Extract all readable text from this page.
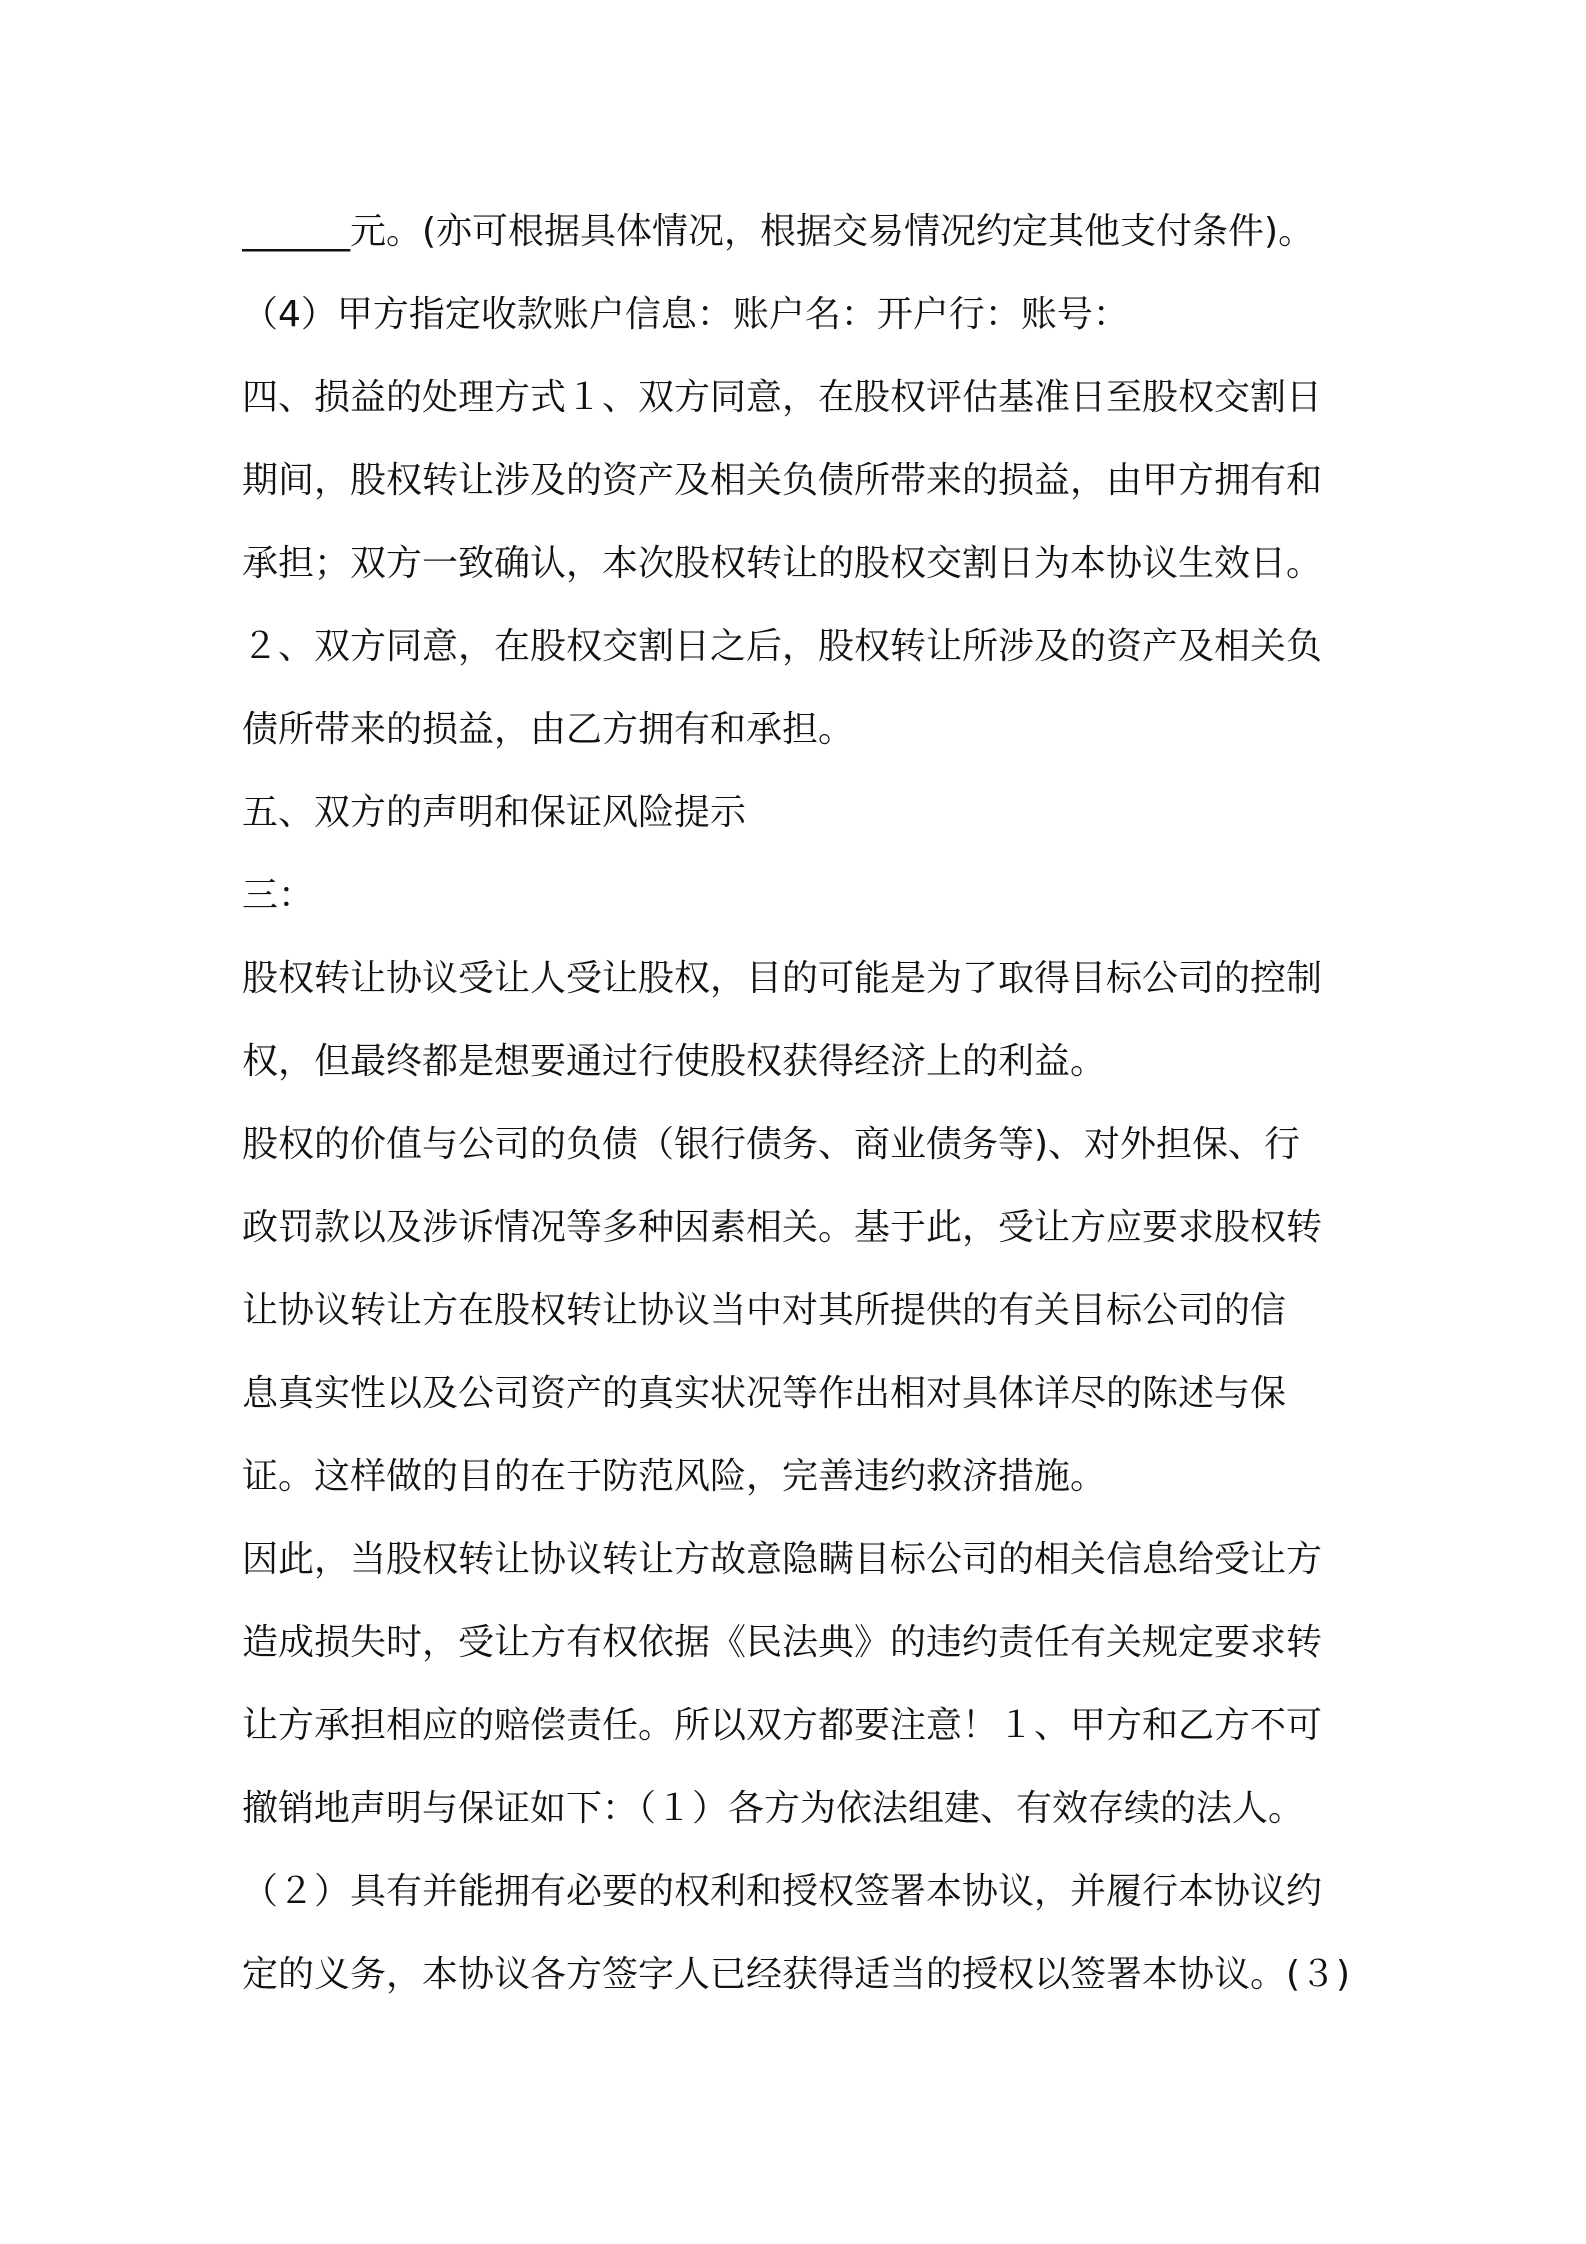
______元。(亦可根据具体情况，根据交易情况约定其他支付条件)。
（4）甲方指定收款账户信息：账户名：开户行：账号：
四、损益的处理方式１、双方同意，在股权评估基准日至股权交割日
期间，股权转让涉及的资产及相关负债所带来的损益，由甲方拥有和
承担；双方一致确认，本次股权转让的股权交割日为本协议生效日。
２、双方同意，在股权交割日之后，股权转让所涉及的资产及相关负
债所带来的损益，由乙方拥有和承担。
五、双方的声明和保证风险提示
三：
股权转让协议受让人受让股权，目的可能是为了取得目标公司的控制
权，但最终都是想要通过行使股权获得经济上的利益。
股权的价值与公司的负债（银行债务、商业债务等)、对外担保、行
政罚款以及涉诉情况等多种因素相关。基于此，受让方应要求股权转
让协议转让方在股权转让协议当中对其所提供的有关目标公司的信
息真实性以及公司资产的真实状况等作出相对具体详尽的陈述与保
证。这样做的目的在于防范风险，完善违约救济措施。
因此，当股权转让协议转让方故意隐瞒目标公司的相关信息给受让方
造成损失时，受让方有权依据《民法典》的违约责任有关规定要求转
让方承担相应的赔偿责任。所以双方都要注意！１、甲方和乙方不可
撤销地声明与保证如下：（１）各方为依法组建、有效存续的法人。
（２）具有并能拥有必要的权利和授权签署本协议，并履行本协议约
定的义务，本协议各方签字人已经获得适当的授权以签署本协议。(３)
